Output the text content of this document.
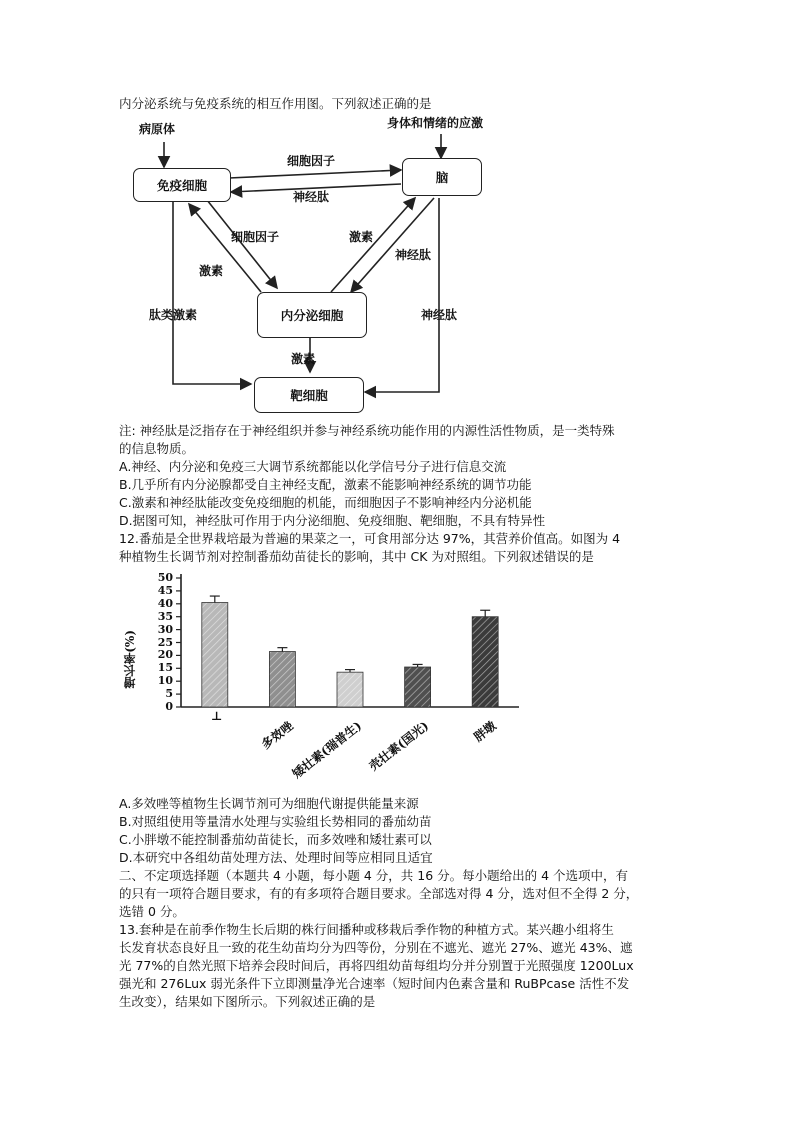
内分泌系统与免疫系统的相互作用图。下列叙述正确的是
病原体	身体和情绪的应激
免疫细胞
脑
内分泌细胞
靶细胞
细胞因子
神经肽
细胞因子
激素
激素
神经肽
肽类激素	神经肽
激素
注: 神经肽是泛指存在于神经组织并参与神经系统功能作用的内源性活性物质，是一类特殊
的信息物质。
A.神经、内分泌和免疫三大调节系统都能以化学信号分子进行信息交流
B.几乎所有内分泌腺都受自主神经支配，激素不能影响神经系统的调节功能
C.激素和神经肽能改变免疫细胞的机能，而细胞因子不影响神经内分泌机能
D.据图可知，神经肽可作用于内分泌细胞、免疫细胞、靶细胞，不具有特异性
12.番茄是全世界栽培最为普遍的果菜之一，可食用部分达 97%，其营养价值高。如图为 4
种植物生长调节剂对控制番茄幼苗徒长的影响，其中 CK 为对照组。下列叙述错误的是
增长率(%)
0
5
10
15
20
25
30
35
40
45
50
⊥
多效唑
矮壮素(瑞普生) 壳壮素(国光)	胖墩
A.多效唑等植物生长调节剂可为细胞代谢提供能量来源
B.对照组使用等量清水处理与实验组长势相同的番茄幼苗
C.小胖墩不能控制番茄幼苗徒长，而多效唑和矮壮素可以
D.本研究中各组幼苗处理方法、处理时间等应相同且适宜
二、不定项选择题（本题共 4 小题，每小题 4 分，共 16 分。每小题给出的 4 个选项中，有
的只有一项符合题目要求，有的有多项符合题目要求。全部选对得 4 分，选对但不全得 2 分，
选错 0 分。
13.套种是在前季作物生长后期的株行间播种或移栽后季作物的种植方式。某兴趣小组将生
长发育状态良好且一致的花生幼苗均分为四等份，分别在不遮光、遮光 27%、遮光 43%、遮
光 77%的自然光照下培养会段时间后，再将四组幼苗每组均分并分别置于光照强度 1200Lux
强光和 276Lux 弱光条件下立即测量净光合速率（短时间内色素含量和 RuBPcase 活性不发
生改变），结果如下图所示。下列叙述正确的是
